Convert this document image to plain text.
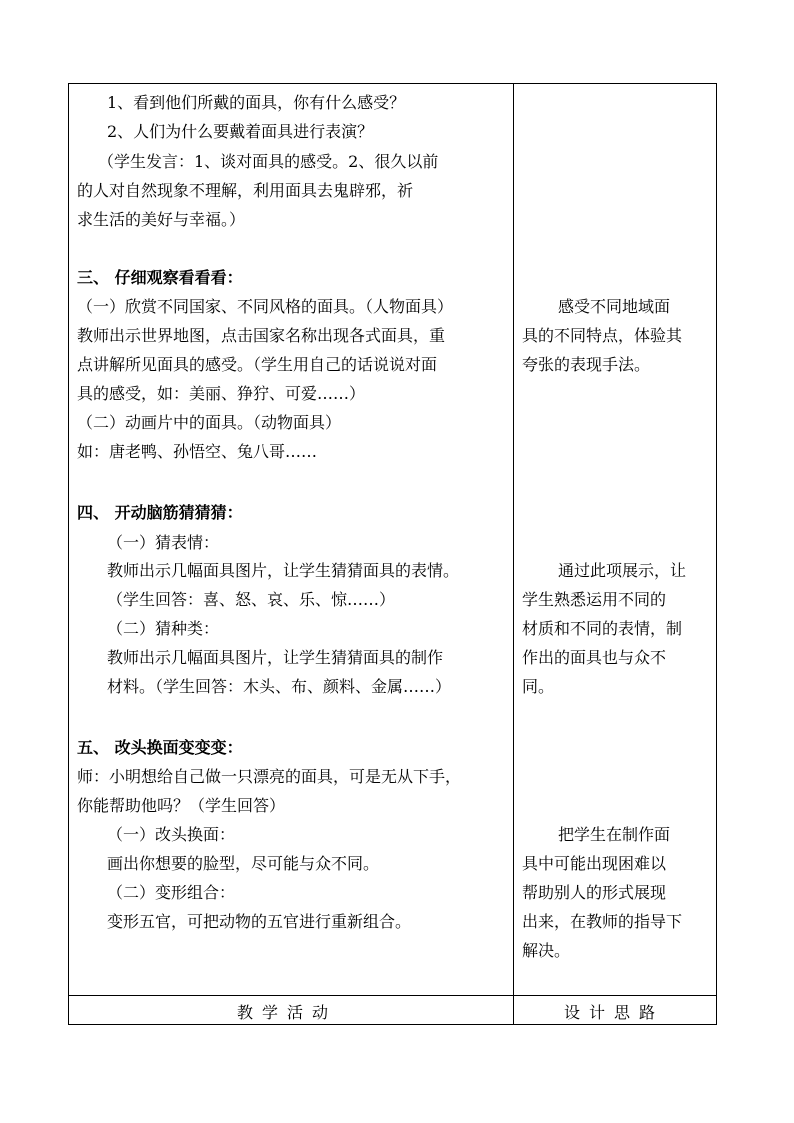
1、看到他们所戴的面具，你有什么感受？
2、人们为什么要戴着面具进行表演？
（学生发言：1、谈对面具的感受。2、很久以前
的人对自然现象不理解，利用面具去鬼辟邪，祈
求生活的美好与幸福。）
三、 仔细观察看看看：
（一）欣赏不同国家、不同风格的面具。（人物面具）
教师出示世界地图，点击国家名称出现各式面具，重
点讲解所见面具的感受。（学生用自己的话说说对面
具的感受，如：美丽、狰狞、可爱……）
（二）动画片中的面具。（动物面具）
如：唐老鸭、孙悟空、兔八哥……
四、 开动脑筋猜猜猜：
（一）猜表情：
教师出示几幅面具图片，让学生猜猜面具的表情。
（学生回答：喜、怒、哀、乐、惊……）
（二）猜种类：
教师出示几幅面具图片，让学生猜猜面具的制作
材料。（学生回答：木头、布、颜料、金属……）
五、 改头换面变变变：
师：小明想给自己做一只漂亮的面具，可是无从下手，
你能帮助他吗？（学生回答）
（一）改头换面：
画出你想要的脸型，尽可能与众不同。
（二）变形组合：
变形五官，可把动物的五官进行重新组合。
感受不同地域面
具的不同特点，体验其
夸张的表现手法。
通过此项展示，让
学生熟悉运用不同的
材质和不同的表情，制
作出的面具也与众不
同。
把学生在制作面
具中可能出现困难以
帮助别人的形式展现
出来，在教师的指导下
解决。
教学活动	设计思路
